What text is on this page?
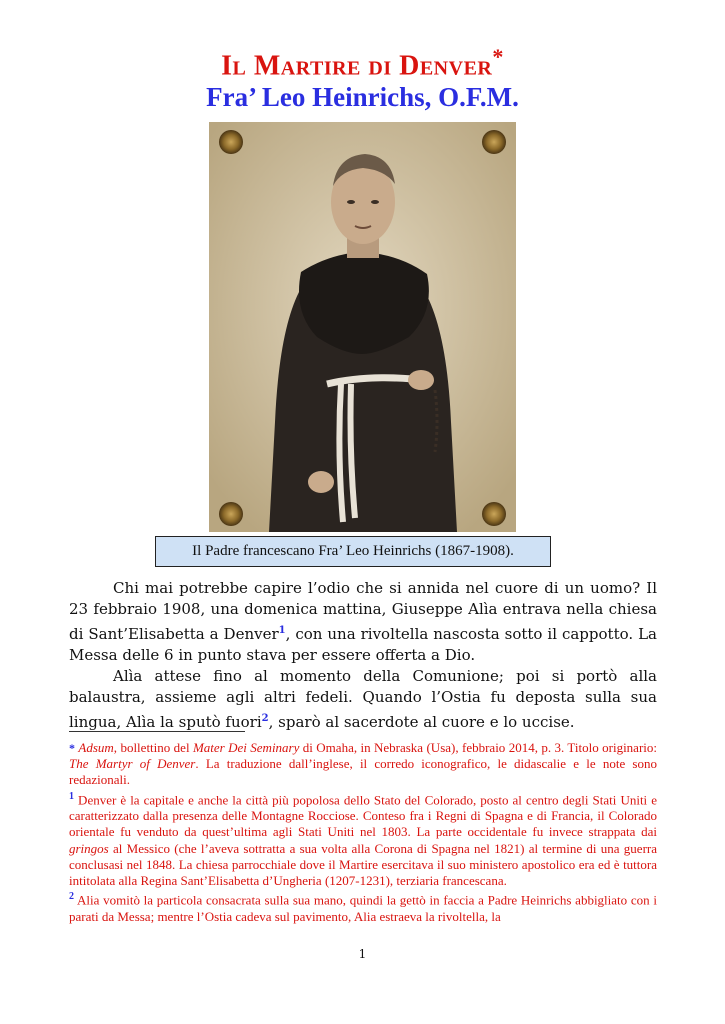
Il Martire di Denver*
Fra’ Leo Heinrichs, O.F.M.
Il Padre francescano Fra’ Leo Heinrichs (1867-1908).

Chi mai potrebbe capire l’odio che si annida nel cuore di un uomo? Il 23 febbraio 1908, una domenica mattina, Giuseppe Alìa entrava nella chiesa di Sant’Elisabetta a Denver$^1$, con una rivoltella nascosta sotto il cappotto. La Messa delle 6 in punto stava per essere offerta a Dio.

Alìa attese fino al momento della Comunione; poi si portò alla balaustra, assieme agli altri fedeli. Quando l’Ostia fu deposta sulla sua lingua, Alìa la sputò fuori$^2$, sparò al sacerdote al cuore e lo uccise.

* Adsum, bollettino del Mater Dei Seminary di Omaha, in Nebraska (Usa), febbraio 2014, p. 3. Titolo originario: The Martyr of Denver. La traduzione dall’inglese, il corredo iconografico, le didascalie e le note sono redazionali.

$^1$ Denver è la capitale e anche la città più popolosa dello Stato del Colorado, posto al centro degli Stati Uniti e caratterizzato dalla presenza delle Montagne Rocciose. Conteso fra i Regni di Spagna e di Francia, il Colorado orientale fu venduto da quest’ultima agli Stati Uniti nel 1803. La parte occidentale fu invece strappata dai gringos al Messico (che l’aveva sottratta a sua volta alla Corona di Spagna nel 1821) al termine di una guerra conclusasi nel 1848. La chiesa parrocchiale dove il Martire esercitava il suo ministero apostolico era ed è tuttora intitolata alla Regina Sant’Elisabetta d’Ungheria (1207-1231), terziaria francescana.

$^2$ Alia vomitò la particola consacrata sulla sua mano, quindi la gettò in faccia a Padre Heinrichs abbigliato con i parati da Messa; mentre l’Ostia cadeva sul pavimento, Alia estraeva la rivoltella, la

1
